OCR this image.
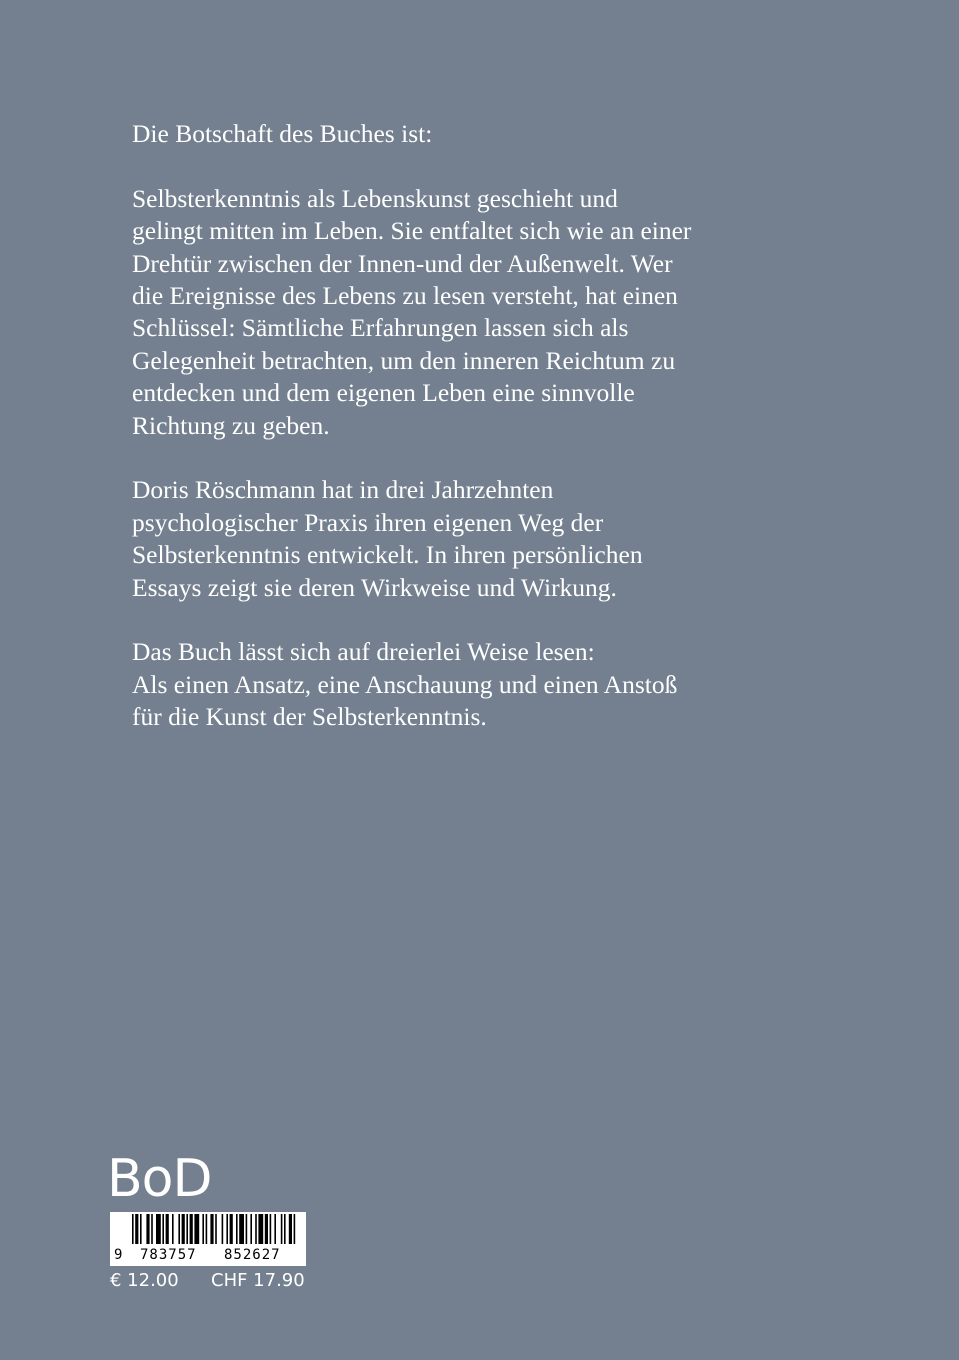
Die Botschaft des Buches ist:
Selbsterkenntnis als Lebenskunst geschieht und
gelingt mitten im Leben. Sie entfaltet sich wie an einer
Drehtür zwischen der Innen-und der Außenwelt. Wer
die Ereignisse des Lebens zu lesen versteht, hat einen
Schlüssel: Sämtliche Erfahrungen lassen sich als
Gelegenheit betrachten, um den inneren Reichtum zu
entdecken und dem eigenen Leben eine sinnvolle
Richtung zu geben.
Doris Röschmann hat in drei Jahrzehnten
psychologischer Praxis ihren eigenen Weg der
Selbsterkenntnis entwickelt. In ihren persönlichen
Essays zeigt sie deren Wirkweise und Wirkung.
Das Buch lässt sich auf dreierlei Weise lesen:
Als einen Ansatz, eine Anschauung und einen Anstoß
für die Kunst der Selbsterkenntnis.
BoD
9 783757 852627
€ 12.00 CHF 17.90
